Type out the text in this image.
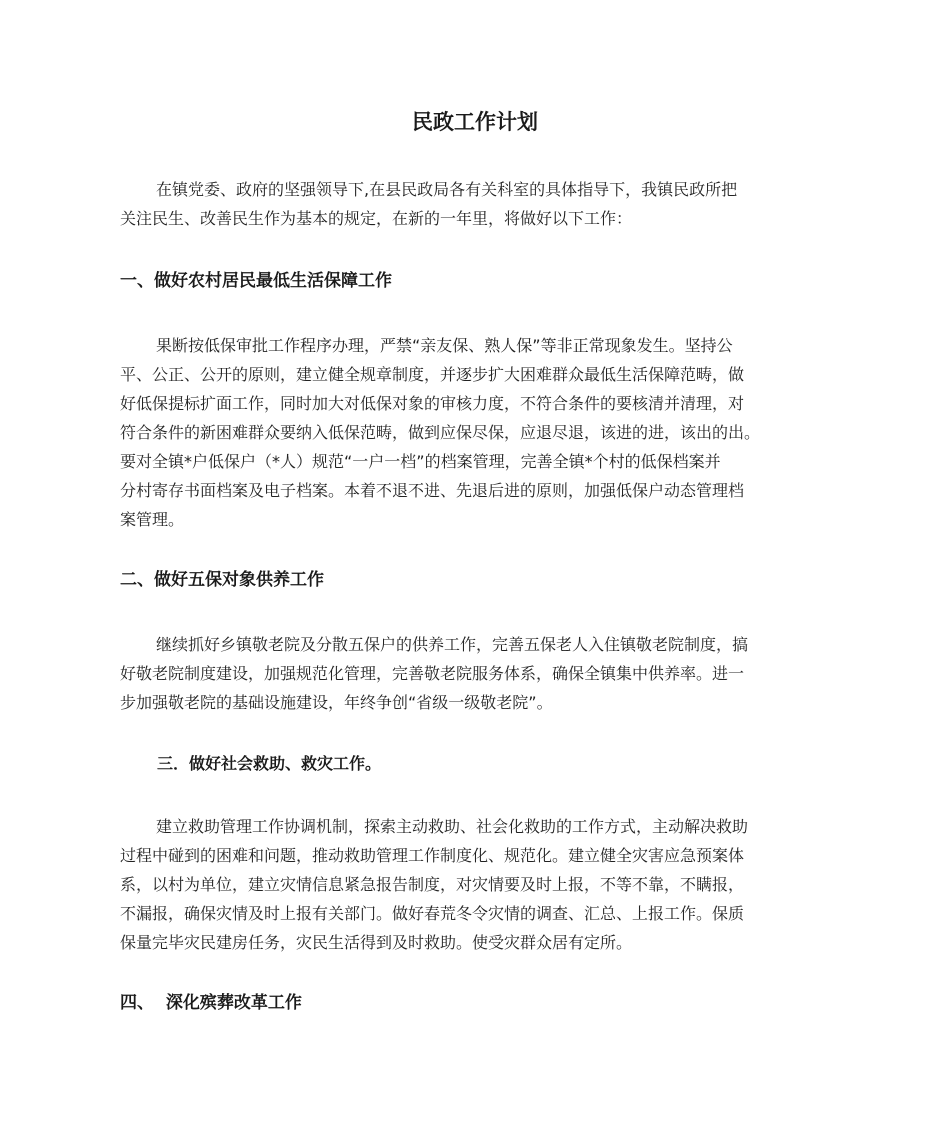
民政工作计划
在镇党委、政府的坚强领导下,在县民政局各有关科室的具体指导下，我镇民政所把
关注民生、改善民生作为基本的规定，在新的一年里，将做好以下工作：
一、做好农村居民最低生活保障工作
果断按低保审批工作程序办理，严禁“亲友保、熟人保”等非正常现象发生。坚持公
平、公正、公开的原则，建立健全规章制度，并逐步扩大困难群众最低生活保障范畴，做
好低保提标扩面工作，同时加大对低保对象的审核力度，不符合条件的要核清并清理，对
符合条件的新困难群众要纳入低保范畴，做到应保尽保，应退尽退，该进的进，该出的出。
要对全镇*户低保户（*人）规范“一户一档”的档案管理，完善全镇*个村的低保档案并
分村寄存书面档案及电子档案。本着不退不进、先退后进的原则，加强低保户动态管理档
案管理。
二、做好五保对象供养工作
继续抓好乡镇敬老院及分散五保户的供养工作，完善五保老人入住镇敬老院制度，搞
好敬老院制度建设，加强规范化管理，完善敬老院服务体系，确保全镇集中供养率。进一
步加强敬老院的基础设施建设，年终争创“省级一级敬老院”。
三．做好社会救助、救灾工作。
建立救助管理工作协调机制，探索主动救助、社会化救助的工作方式，主动解决救助
过程中碰到的困难和问题，推动救助管理工作制度化、规范化。建立健全灾害应急预案体
系，以村为单位，建立灾情信息紧急报告制度，对灾情要及时上报，不等不靠，不瞒报，
不漏报，确保灾情及时上报有关部门。做好春荒冬令灾情的调查、汇总、上报工作。保质
保量完毕灾民建房任务，灾民生活得到及时救助。使受灾群众居有定所。
四、  深化殡葬改革工作
